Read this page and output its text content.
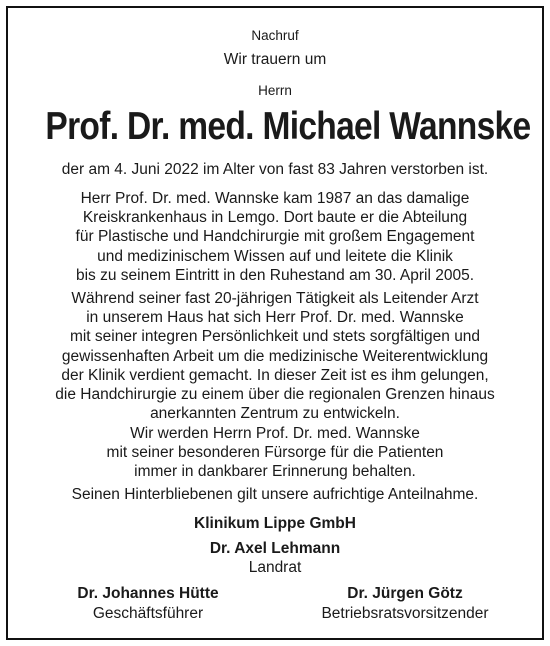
Nachruf
Wir trauern um
Herrn
Prof. Dr. med. Michael Wannske
der am 4. Juni 2022 im Alter von fast 83 Jahren verstorben ist.
Herr Prof. Dr. med. Wannske kam 1987 an das damalige
Kreiskrankenhaus in Lemgo. Dort baute er die Abteilung
für Plastische und Handchirurgie mit großem Engagement
und medizinischem Wissen auf und leitete die Klinik
bis zu seinem Eintritt in den Ruhestand am 30. April 2005.
Während seiner fast 20-jährigen Tätigkeit als Leitender Arzt
in unserem Haus hat sich Herr Prof. Dr. med. Wannske
mit seiner integren Persönlichkeit und stets sorgfältigen und
gewissenhaften Arbeit um die medizinische Weiterentwicklung
der Klinik verdient gemacht. In dieser Zeit ist es ihm gelungen,
die Handchirurgie zu einem über die regionalen Grenzen hinaus
anerkannten Zentrum zu entwickeln.
Wir werden Herrn Prof. Dr. med. Wannske
mit seiner besonderen Fürsorge für die Patienten
immer in dankbarer Erinnerung behalten.
Seinen Hinterbliebenen gilt unsere aufrichtige Anteilnahme.
Klinikum Lippe GmbH
Dr. Axel Lehmann
Landrat
Dr. Johannes Hütte
Geschäftsführer
Dr. Jürgen Götz
Betriebsratsvorsitzender
